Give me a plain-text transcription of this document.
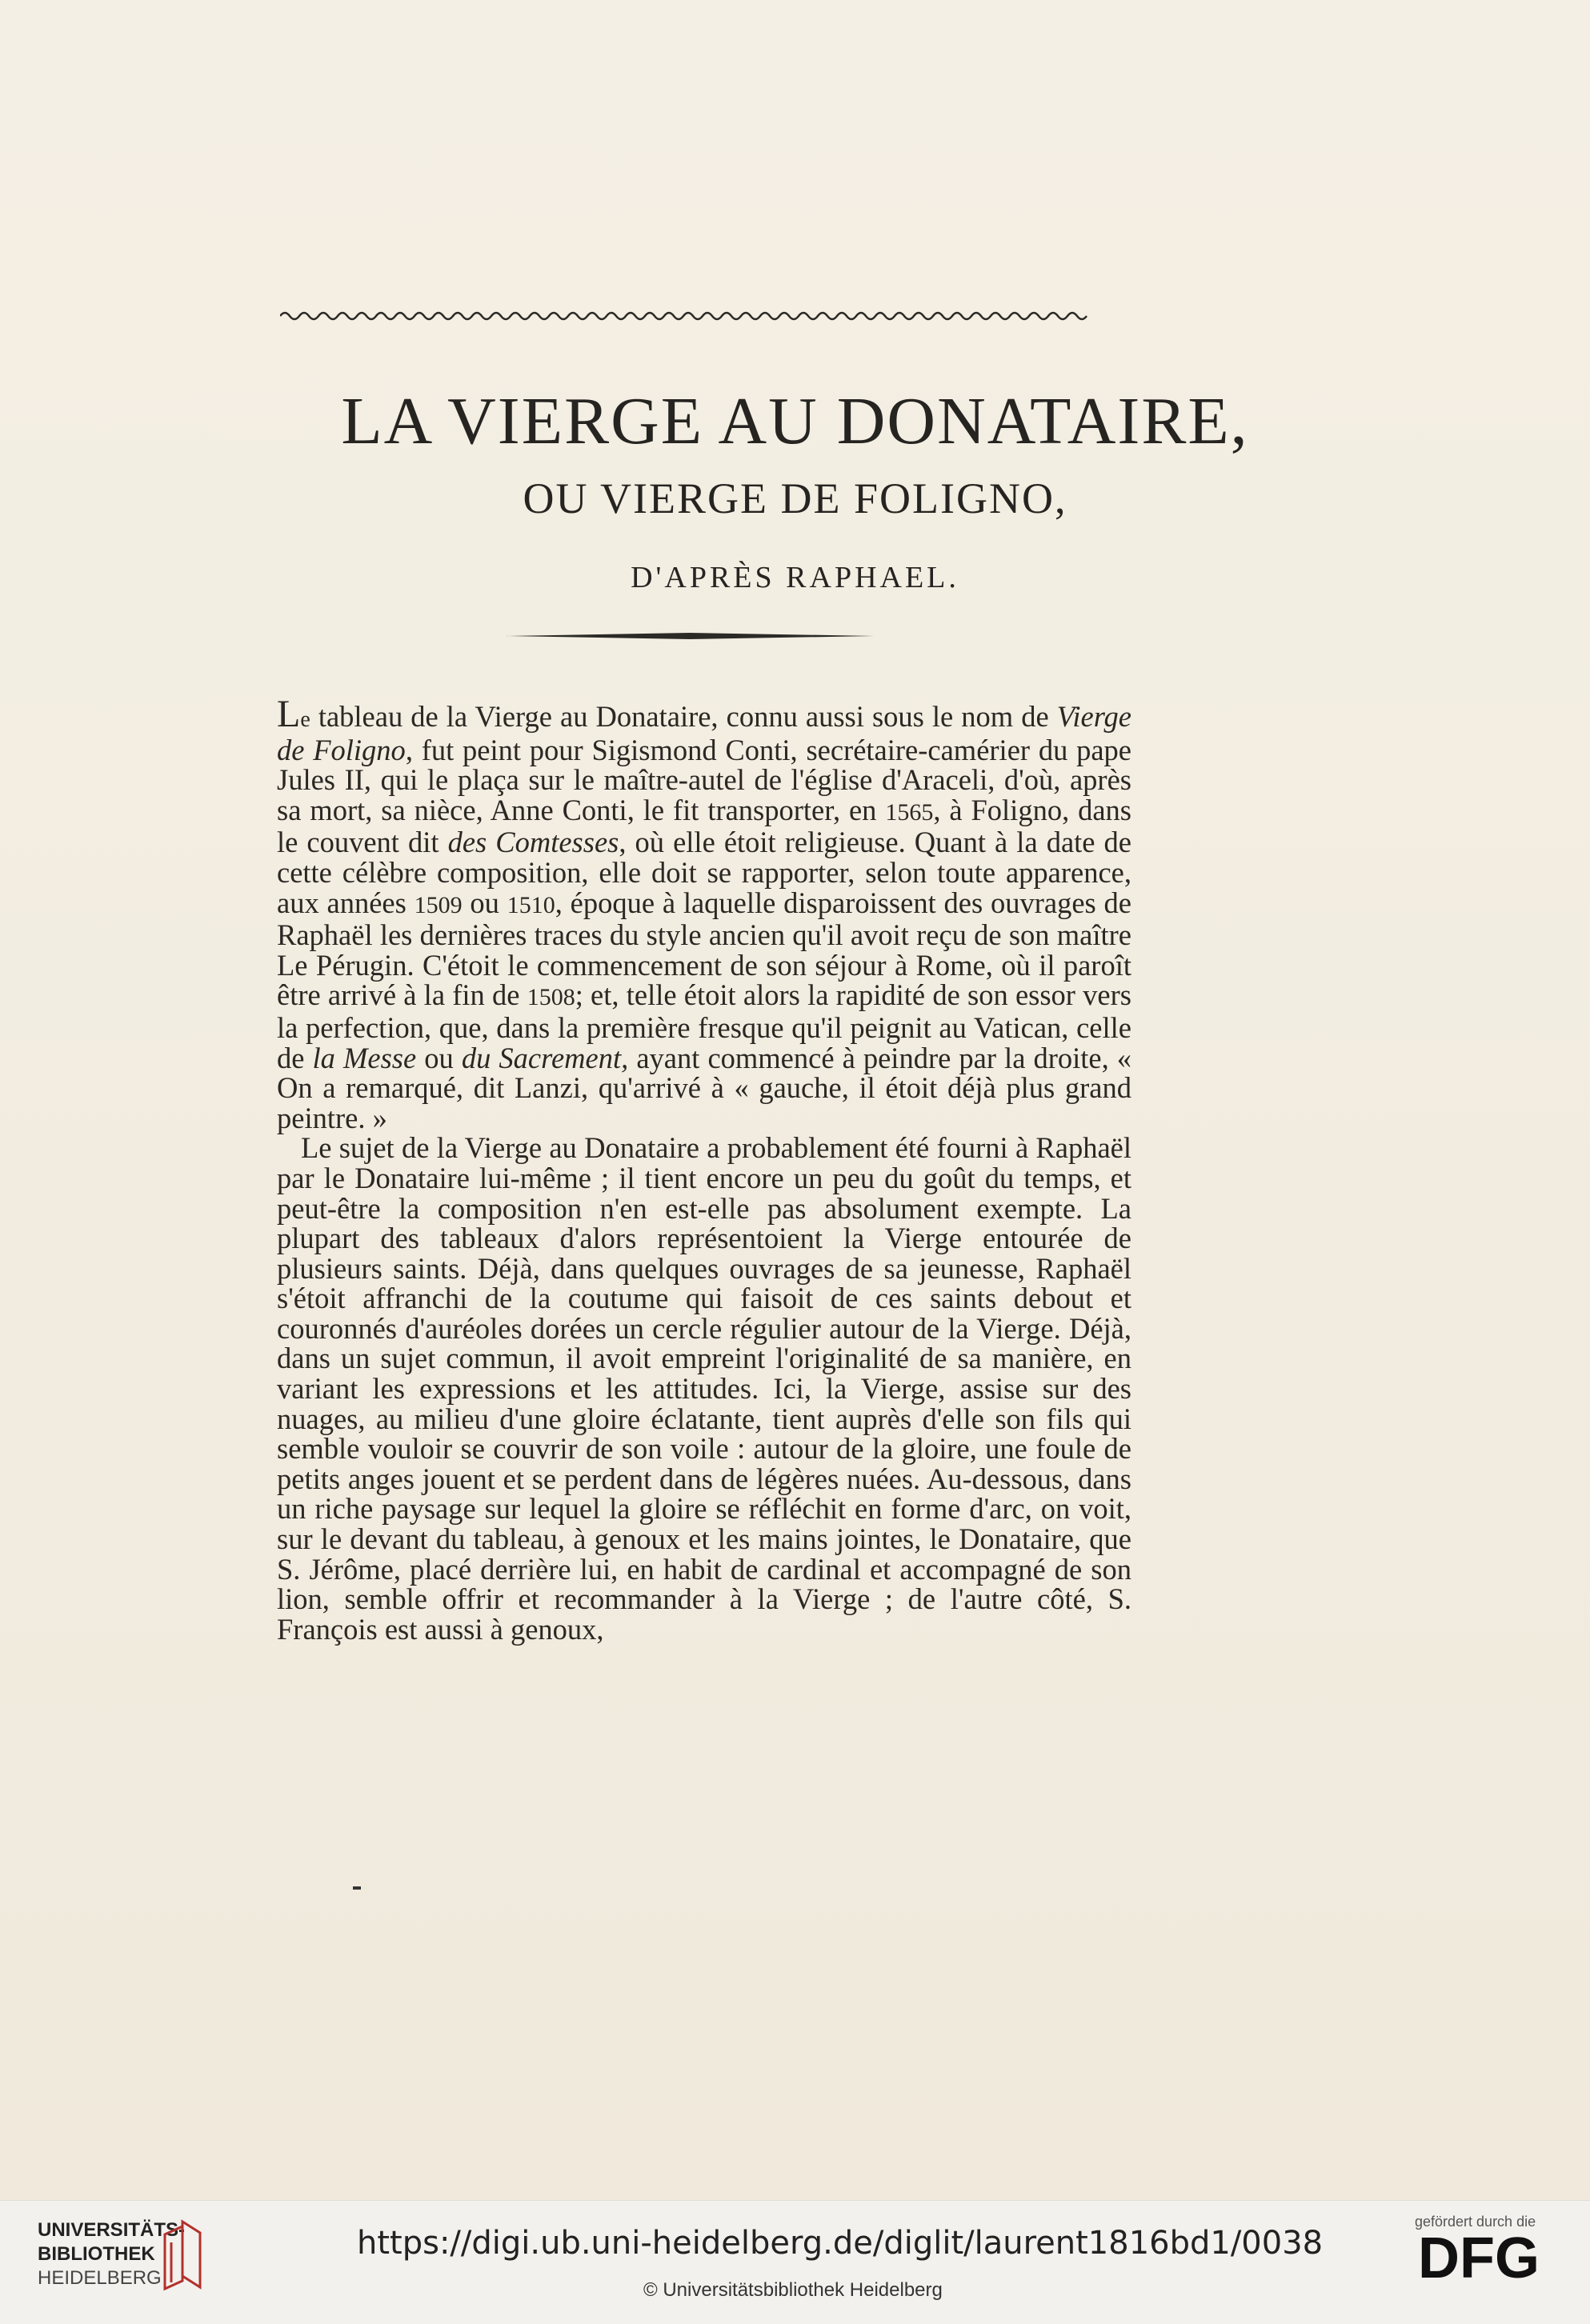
LA VIERGE AU DONATAIRE,
OU VIERGE DE FOLIGNO,
D'APRÈS RAPHAEL.

Le tableau de la Vierge au Donataire, connu aussi sous le nom de Vierge de Foligno, fut peint pour Sigismond Conti, secrétaire-camérier du pape Jules II, qui le plaça sur le maître-autel de l'église d'Araceli, d'où, après sa mort, sa nièce, Anne Conti, le fit transporter, en 1565, à Foligno, dans le couvent dit des Comtesses, où elle étoit religieuse. Quant à la date de cette célèbre composition, elle doit se rapporter, selon toute apparence, aux années 1509 ou 1510, époque à laquelle disparoissent des ouvrages de Raphaël les dernières traces du style ancien qu'il avoit reçu de son maître Le Pérugin. C'étoit le commencement de son séjour à Rome, où il paroît être arrivé à la fin de 1508; et, telle étoit alors la rapidité de son essor vers la perfection, que, dans la première fresque qu'il peignit au Vatican, celle de la Messe ou du Sacrement, ayant commencé à peindre par la droite, « On a remarqué, dit Lanzi, qu'arrivé à « gauche, il étoit déjà plus grand peintre. »

Le sujet de la Vierge au Donataire a probablement été fourni à Raphaël par le Donataire lui-même ; il tient encore un peu du goût du temps, et peut-être la composition n'en est-elle pas absolument exempte. La plupart des tableaux d'alors représentoient la Vierge entourée de plusieurs saints. Déjà, dans quelques ouvrages de sa jeunesse, Raphaël s'étoit affranchi de la coutume qui faisoit de ces saints debout et couronnés d'auréoles dorées un cercle régulier autour de la Vierge. Déjà, dans un sujet commun, il avoit empreint l'originalité de sa manière, en variant les expressions et les attitudes. Ici, la Vierge, assise sur des nuages, au milieu d'une gloire éclatante, tient auprès d'elle son fils qui semble vouloir se couvrir de son voile : autour de la gloire, une foule de petits anges jouent et se perdent dans de légères nuées. Au-dessous, dans un riche paysage sur lequel la gloire se réfléchit en forme d'arc, on voit, sur le devant du tableau, à genoux et les mains jointes, le Donataire, que S. Jérôme, placé derrière lui, en habit de cardinal et accompagné de son lion, semble offrir et recommander à la Vierge ; de l'autre côté, S. François est aussi à genoux,

UNIVERSITÄTS-
BIBLIOTHEK
HEIDELBERG
https://digi.ub.uni-heidelberg.de/diglit/laurent1816bd1/0038
© Universitätsbibliothek Heidelberg
gefördert durch die
DFG
